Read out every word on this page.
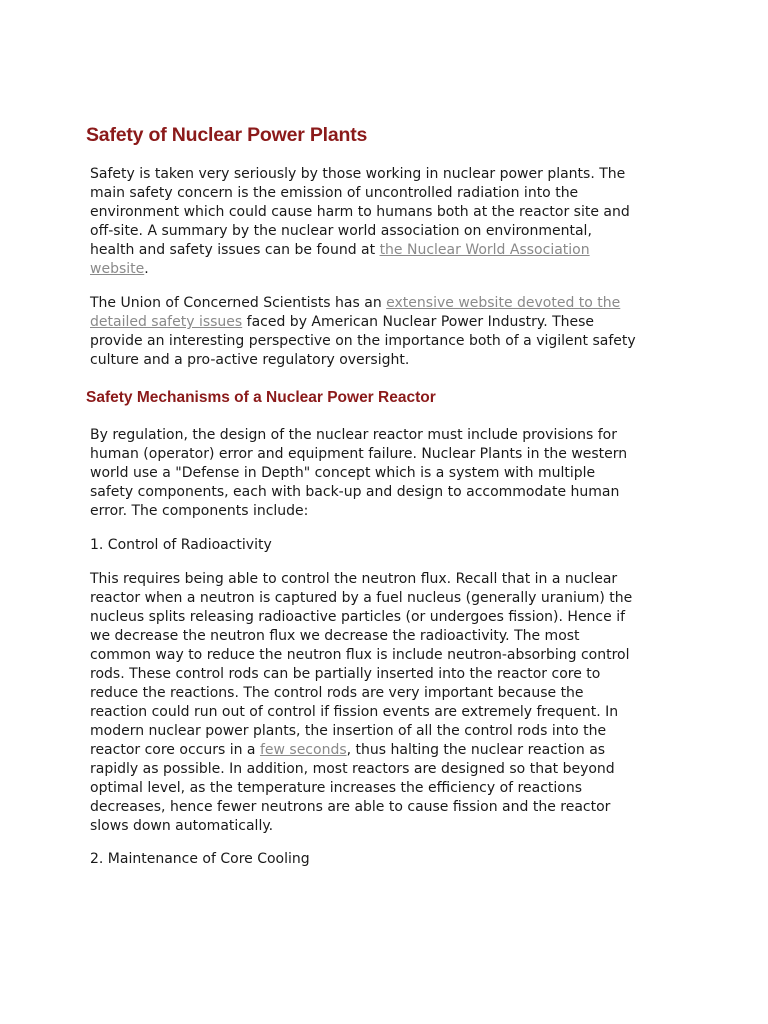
Safety of Nuclear Power Plants
Safety is taken very seriously by those working in nuclear power plants. The
main safety concern is the emission of uncontrolled radiation into the
environment which could cause harm to humans both at the reactor site and
off-site. A summary by the nuclear world association on environmental,
health and safety issues can be found at the Nuclear World Association
website.
The Union of Concerned Scientists has an extensive website devoted to the
detailed safety issues faced by American Nuclear Power Industry. These
provide an interesting perspective on the importance both of a vigilent safety
culture and a pro-active regulatory oversight.
Safety Mechanisms of a Nuclear Power Reactor
By regulation, the design of the nuclear reactor must include provisions for
human (operator) error and equipment failure. Nuclear Plants in the western
world use a "Defense in Depth" concept which is a system with multiple
safety components, each with back-up and design to accommodate human
error. The components include:
1. Control of Radioactivity
This requires being able to control the neutron flux. Recall that in a nuclear
reactor when a neutron is captured by a fuel nucleus (generally uranium) the
nucleus splits releasing radioactive particles (or undergoes fission). Hence if
we decrease the neutron flux we decrease the radioactivity. The most
common way to reduce the neutron flux is include neutron-absorbing control
rods. These control rods can be partially inserted into the reactor core to
reduce the reactions. The control rods are very important because the
reaction could run out of control if fission events are extremely frequent. In
modern nuclear power plants, the insertion of all the control rods into the
reactor core occurs in a few seconds, thus halting the nuclear reaction as
rapidly as possible. In addition, most reactors are designed so that beyond
optimal level, as the temperature increases the efficiency of reactions
decreases, hence fewer neutrons are able to cause fission and the reactor
slows down automatically.
2. Maintenance of Core Cooling
